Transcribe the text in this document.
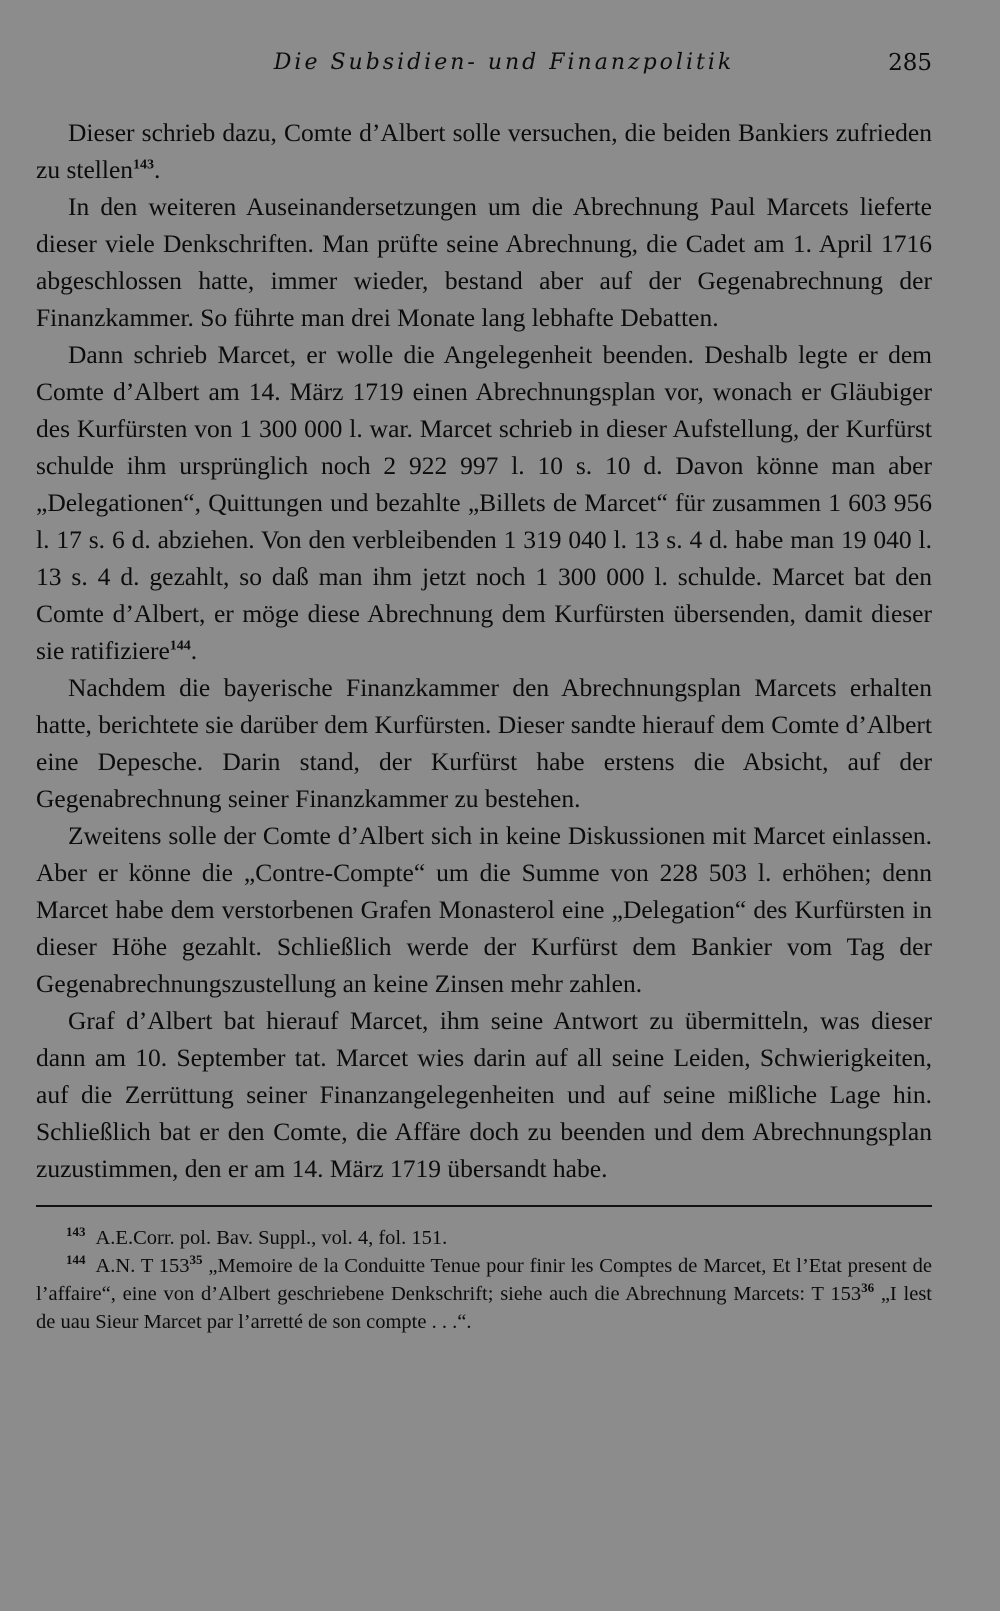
Die Subsidien- und Finanzpolitik	285

Dieser schrieb dazu, Comte d’Albert solle versuchen, die beiden Bankiers zufrieden zu stellen$^{143}$.

In den weiteren Auseinandersetzungen um die Abrechnung Paul Marcets lieferte dieser viele Denkschriften. Man prüfte seine Abrechnung, die Cadet am 1. April 1716 abgeschlossen hatte, immer wieder, bestand aber auf der Gegenabrechnung der Finanzkammer. So führte man drei Monate lang lebhafte Debatten.

Dann schrieb Marcet, er wolle die Angelegenheit beenden. Deshalb legte er dem Comte d’Albert am 14. März 1719 einen Abrechnungsplan vor, wonach er Gläubiger des Kurfürsten von 1 300 000 l. war. Marcet schrieb in dieser Aufstellung, der Kurfürst schulde ihm ursprünglich noch 2 922 997 l. 10 s. 10 d. Davon könne man aber „Delegationen“, Quittungen und bezahlte „Billets de Marcet“ für zusammen 1 603 956 l. 17 s. 6 d. abziehen. Von den verbleibenden 1 319 040 l. 13 s. 4 d. habe man 19 040 l. 13 s. 4 d. gezahlt, so daß man ihm jetzt noch 1 300 000 l. schulde. Marcet bat den Comte d’Albert, er möge diese Abrechnung dem Kurfürsten übersenden, damit dieser sie ratifiziere$^{144}$.

Nachdem die bayerische Finanzkammer den Abrechnungsplan Marcets erhalten hatte, berichtete sie darüber dem Kurfürsten. Dieser sandte hierauf dem Comte d’Albert eine Depesche. Darin stand, der Kurfürst habe erstens die Absicht, auf der Gegenabrechnung seiner Finanzkammer zu bestehen.

Zweitens solle der Comte d’Albert sich in keine Diskussionen mit Marcet einlassen. Aber er könne die „Contre-Compte“ um die Summe von 228 503 l. erhöhen; denn Marcet habe dem verstorbenen Grafen Monasterol eine „Delegation“ des Kurfürsten in dieser Höhe gezahlt. Schließlich werde der Kurfürst dem Bankier vom Tag der Gegenabrechnungszustellung an keine Zinsen mehr zahlen.

Graf d’Albert bat hierauf Marcet, ihm seine Antwort zu übermitteln, was dieser dann am 10. September tat. Marcet wies darin auf all seine Leiden, Schwierigkeiten, auf die Zerrüttung seiner Finanzangelegenheiten und auf seine mißliche Lage hin. Schließlich bat er den Comte, die Affäre doch zu beenden und dem Abrechnungsplan zuzustimmen, den er am 14. März 1719 übersandt habe.

$^{143}$ A.E.Corr. pol. Bav. Suppl., vol. 4, fol. 151.

$^{144}$ A.N. T 153$^{35}$ „Memoire de la Conduitte Tenue pour finir les Comptes de Marcet, Et l’Etat present de l’affaire“, eine von d’Albert geschriebene Denkschrift; siehe auch die Abrechnung Marcets: T 153$^{36}$ „I lest de uau Sieur Marcet par l’arretté de son compte . . .“.
